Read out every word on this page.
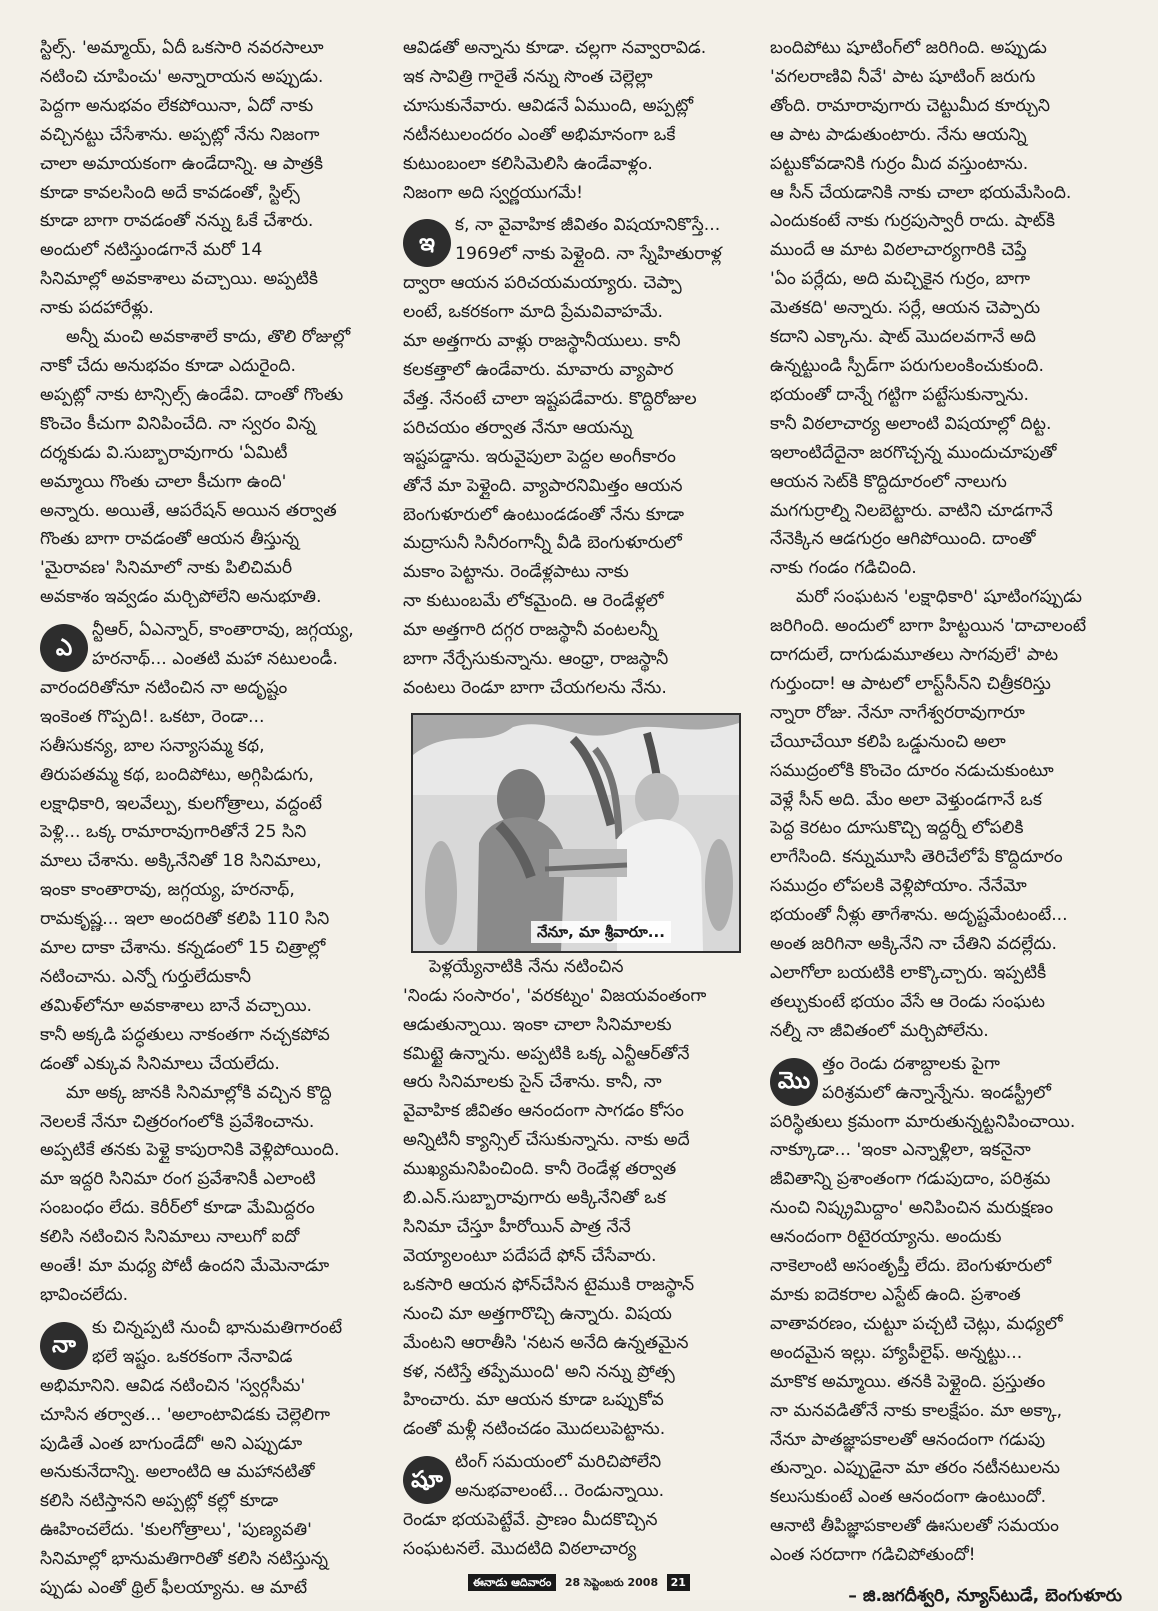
స్టిల్స్. 'అమ్మాయ్, ఏదీ ఒకసారి నవరసాలూ
నటించి చూపించు' అన్నారాయన అప్పుడు.
పెద్దగా అనుభవం లేకపోయినా, ఏదో నాకు
వచ్చినట్టు చేసేశాను. అప్పట్లో నేను నిజంగా
చాలా అమాయకంగా ఉండేదాన్ని. ఆ పాత్రకి
కూడా కావలసింది అదే కావడంతో, స్టిల్స్
కూడా బాగా రావడంతో నన్ను ఓకే చేశారు.
అందులో నటిస్తుండగానే మరో 14
సినిమాల్లో అవకాశాలు వచ్చాయి. అప్పటికి
నాకు పదహారేళ్లు.
అన్నీ మంచి అవకాశాలే కాదు, తొలి రోజుల్లో
నాకో చేదు అనుభవం కూడా ఎదురైంది.
అప్పట్లో నాకు టాన్సిల్స్ ఉండేవి. దాంతో గొంతు
కొంచెం కీచుగా వినిపించేది. నా స్వరం విన్న
దర్శకుడు వి.సుబ్బారావుగారు 'ఏమిటీ
అమ్మాయి గొంతు చాలా కీచుగా ఉంది'
అన్నారు. అయితే, ఆపరేషన్ అయిన తర్వాత
గొంతు బాగా రావడంతో ఆయన తీస్తున్న
'మైరావణ' సినిమాలో నాకు పిలిచిమరీ
అవకాశం ఇవ్వడం మర్చిపోలేని అనుభూతి.
ఎ
న్టీఆర్, ఏఎన్నార్, కాంతారావు, జగ్గయ్య,
హరనాథ్... ఎంతటి మహా నటులండీ.
వారందరితోనూ నటించిన నా అదృష్టం
ఇంకెంత గొప్పది!. ఒకటా, రెండా...
సతీసుకన్య, బాల సన్యాసమ్మ కథ,
తిరుపతమ్మ కథ, బందిపోటు, అగ్గిపిడుగు,
లక్షాధికారి, ఇలవేల్పు, కులగోత్రాలు, వద్దంటే
పెళ్లి... ఒక్క రామారావుగారితోనే 25 సిని
మాలు చేశాను. అక్కినేనితో 18 సినిమాలు,
ఇంకా కాంతారావు, జగ్గయ్య, హరనాథ్,
రామకృష్ణ... ఇలా అందరితో కలిపి 110 సిని
మాల దాకా చేశాను. కన్నడంలో 15 చిత్రాల్లో
నటించాను. ఎన్నో గుర్తులేదుకానీ
తమిళ్‌లోనూ అవకాశాలు బానే వచ్చాయి.
కానీ అక్కడి పద్ధతులు నాకంతగా నచ్చకపోవ
డంతో ఎక్కువ సినిమాలు చేయలేదు.
మా అక్క జానకి సినిమాల్లోకి వచ్చిన కొద్ది
నెలలకే నేనూ చిత్రరంగంలోకి ప్రవేశించాను.
అప్పటికే తనకు పెళ్లై కాపురానికి వెళ్లిపోయింది.
మా ఇద్దరి సినిమా రంగ ప్రవేశానికీ ఎలాంటి
సంబంధం లేదు. కెరీర్‌లో కూడా మేమిద్దరం
కలిసి నటించిన సినిమాలు నాలుగో ఐదో
అంతే! మా మధ్య పోటీ ఉందని మేమెనాడూ
భావించలేదు.
నా
కు చిన్నప్పటి నుంచీ భానుమతిగారంటే
భలే ఇష్టం. ఒకరకంగా నేనావిడ
అభిమానిని. ఆవిడ నటించిన 'స్వర్గసీమ'
చూసిన తర్వాత... 'అలాంటావిడకు చెల్లెలిగా
పుడితే ఎంత బాగుండేదో' అని ఎప్పుడూ
అనుకునేదాన్ని. అలాంటిది ఆ మహానటితో
కలిసి నటిస్తానని అప్పట్లో కల్లో కూడా
ఊహించలేదు. 'కులగోత్రాలు', 'పుణ్యవతి'
సినిమాల్లో భానుమతిగారితో కలిసి నటిస్తున్న
ప్పుడు ఎంతో థ్రిల్ ఫీలయ్యాను. ఆ మాటే
ఆవిడతో అన్నాను కూడా. చల్లగా నవ్వారావిడ.
ఇక సావిత్రి గారైతే నన్ను సొంత చెల్లెల్లా
చూసుకునేవారు. ఆవిడనే ఏముంది, అప్పట్లో
నటీనటులందరం ఎంతో అభిమానంగా ఒకే
కుటుంబంలా కలిసిమెలిసి ఉండేవాళ్లం.
నిజంగా అది స్వర్ణయుగమే!
ఇ
క, నా వైవాహిక జీవితం విషయానికొస్తే...
1969లో నాకు పెళ్లైంది. నా స్నేహితురాళ్ల
ద్వారా ఆయన పరిచయమయ్యారు. చెప్పా
లంటే, ఒకరకంగా మాది ప్రేమవివాహమే.
మా అత్తగారు వాళ్లు రాజస్థానీయులు. కానీ
కలకత్తాలో ఉండేవారు. మావారు వ్యాపార
వేత్త. నేనంటే చాలా ఇష్టపడేవారు. కొద్దిరోజుల
పరిచయం తర్వాత నేనూ ఆయన్ను
ఇష్టపడ్డాను. ఇరువైపులా పెద్దల అంగీకారం
తోనే మా పెళ్లైంది. వ్యాపారనిమిత్తం ఆయన
బెంగుళూరులో ఉంటుండడంతో నేను కూడా
మద్రాసునీ సినీరంగాన్నీ వీడి బెంగుళూరులో
మకాం పెట్టాను. రెండేళ్లపాటు నాకు
నా కుటుంబమే లోకమైంది. ఆ రెండేళ్లలో
మా అత్తగారి దగ్గర రాజస్థానీ వంటలన్నీ
బాగా నేర్చేసుకున్నాను. ఆంధ్రా, రాజస్థానీ
వంటలు రెండూ బాగా చేయగలను నేను.
నేనూ, మా శ్రీవారూ...
పెళ్లయ్యేనాటికి నేను నటించిన
'నిండు సంసారం', 'వరకట్నం' విజయవంతంగా
ఆడుతున్నాయి. ఇంకా చాలా సినిమాలకు
కమిట్టై ఉన్నాను. అప్పటికి ఒక్క ఎన్టీఆర్‌తోనే
ఆరు సినిమాలకు సైన్ చేశాను. కానీ, నా
వైవాహిక జీవితం ఆనందంగా సాగడం కోసం
అన్నిటినీ క్యాన్సిల్ చేసుకున్నాను. నాకు అదే
ముఖ్యమనిపించింది. కానీ రెండేళ్ల తర్వాత
బి.ఎన్.సుబ్బారావుగారు అక్కినేనితో ఒక
సినిమా చేస్తూ హీరోయిన్ పాత్ర నేనే
వెయ్యాలంటూ పదేపదే ఫోన్ చేసేవారు.
ఒకసారి ఆయన ఫోన్‌చేసిన టైముకి రాజస్థాన్
నుంచి మా అత్తగారొచ్చి ఉన్నారు. విషయ
మేంటని ఆరాతీసి 'నటన అనేది ఉన్నతమైన
కళ, నటిస్తే తప్పేముంది' అని నన్ను ప్రోత్స
హించారు. మా ఆయన కూడా ఒప్పుకోవ
డంతో మళ్లీ నటించడం మొదలుపెట్టాను.
షూ
టింగ్ సమయంలో మరిచిపోలేని
అనుభవాలంటే... రెండున్నాయి.
రెండూ భయపెట్టేవే. ప్రాణం మీదకొచ్చిన
సంఘటనలే. మొదటిది విఠలాచార్య
బందిపోటు షూటింగ్‌లో జరిగింది. అప్పుడు
'వగలరాణివి నీవే' పాట షూటింగ్ జరుగు
తోంది. రామారావుగారు చెట్టుమీద కూర్చుని
ఆ పాట పాడుతుంటారు. నేను ఆయన్ని
పట్టుకోవడానికి గుర్రం మీద వస్తుంటాను.
ఆ సీన్ చేయడానికి నాకు చాలా భయమేసింది.
ఎందుకంటే నాకు గుర్రపుస్వారీ రాదు. షాట్‌కి
ముందే ఆ మాట విఠలాచార్యగారికి చెప్తే
'ఏం పర్లేదు, అది మచ్చికైన గుర్రం, బాగా
మెతకది' అన్నారు. సర్లే, ఆయన చెప్పారు
కదాని ఎక్కాను. షాట్ మొదలవగానే అది
ఉన్నట్టుండి స్పీడ్‌గా పరుగులంకించుకుంది.
భయంతో దాన్నే గట్టిగా పట్టేసుకున్నాను.
కానీ విఠలాచార్య అలాంటి విషయాల్లో దిట్ట.
ఇలాంటిదేదైనా జరగొచ్చన్న ముందుచూపుతో
ఆయన సెట్‌కి కొద్దిదూరంలో నాలుగు
మగగుర్రాల్ని నిలబెట్టారు. వాటిని చూడగానే
నేనెక్కిన ఆడగుర్రం ఆగిపోయింది. దాంతో
నాకు గండం గడిచింది.
మరో సంఘటన 'లక్షాధికారి' షూటింగప్పుడు
జరిగింది. అందులో బాగా హిట్టయిన 'దాచాలంటే
దాగదులే, దాగుడుమూతలు సాగవులే' పాట
గుర్తుందా! ఆ పాటలో లాస్ట్‌సీన్‌ని చిత్రీకరిస్తు
న్నారా రోజు. నేనూ నాగేశ్వరరావుగారూ
చేయీచేయీ కలిపి ఒడ్డునుంచి అలా
సముద్రంలోకి కొంచెం దూరం నడుచుకుంటూ
వెళ్లే సీన్ అది. మేం అలా వెళ్తుండగానే ఒక
పెద్ద కెరటం దూసుకొచ్చి ఇద్దర్నీ లోపలికి
లాగేసింది. కన్నుమూసి తెరిచేలోపే కొద్దిదూరం
సముద్రం లోపలకి వెళ్లిపోయాం. నేనేమో
భయంతో నీళ్లు తాగేశాను. అదృష్టమేంటంటే...
అంత జరిగినా అక్కినేని నా చేతిని వదల్లేదు.
ఎలాగోలా బయటికి లాక్కొచ్చారు. ఇప్పటికీ
తల్చుకుంటే భయం వేసే ఆ రెండు సంఘట
నల్నీ నా జీవితంలో మర్చిపోలేను.
మొ
త్తం రెండు దశాబ్దాలకు పైగా
పరిశ్రమలో ఉన్నాన్నేను. ఇండస్ట్రీలో
పరిస్థితులు క్రమంగా మారుతున్నట్టనిపించాయి.
నాక్కూడా... 'ఇంకా ఎన్నాళ్లిలా, ఇకనైనా
జీవితాన్ని ప్రశాంతంగా గడుపుదాం, పరిశ్రమ
నుంచి నిష్క్రమిద్దాం' అనిపించిన మరుక్షణం
ఆనందంగా రిటైరయ్యాను. అందుకు
నాకెలాంటి అసంతృప్తీ లేదు. బెంగుళూరులో
మాకు ఐదెకరాల ఎస్టేట్ ఉంది. ప్రశాంత
వాతావరణం, చుట్టూ పచ్చటి చెట్లు, మధ్యలో
అందమైన ఇల్లు. హ్యాపీలైఫ్. అన్నట్టు...
మాకొక అమ్మాయి. తనకి పెళ్లైంది. ప్రస్తుతం
నా మనవడితోనే నాకు కాలక్షేపం. మా అక్కా,
నేనూ పాతజ్ఞాపకాలతో ఆనందంగా గడుపు
తున్నాం. ఎప్పుడైనా మా తరం నటీనటులను
కలుసుకుంటే ఎంత ఆనందంగా ఉంటుందో.
ఆనాటి తీపిజ్ఞాపకాలతో ఊసులతో సమయం
ఎంత సరదాగా గడిచిపోతుందో!
– జి.జగదీశ్వరి, న్యూస్‌టుడే, బెంగుళూరు
ఈనాడు ఆదివారం 28 సెప్టెంబరు 2008 21
